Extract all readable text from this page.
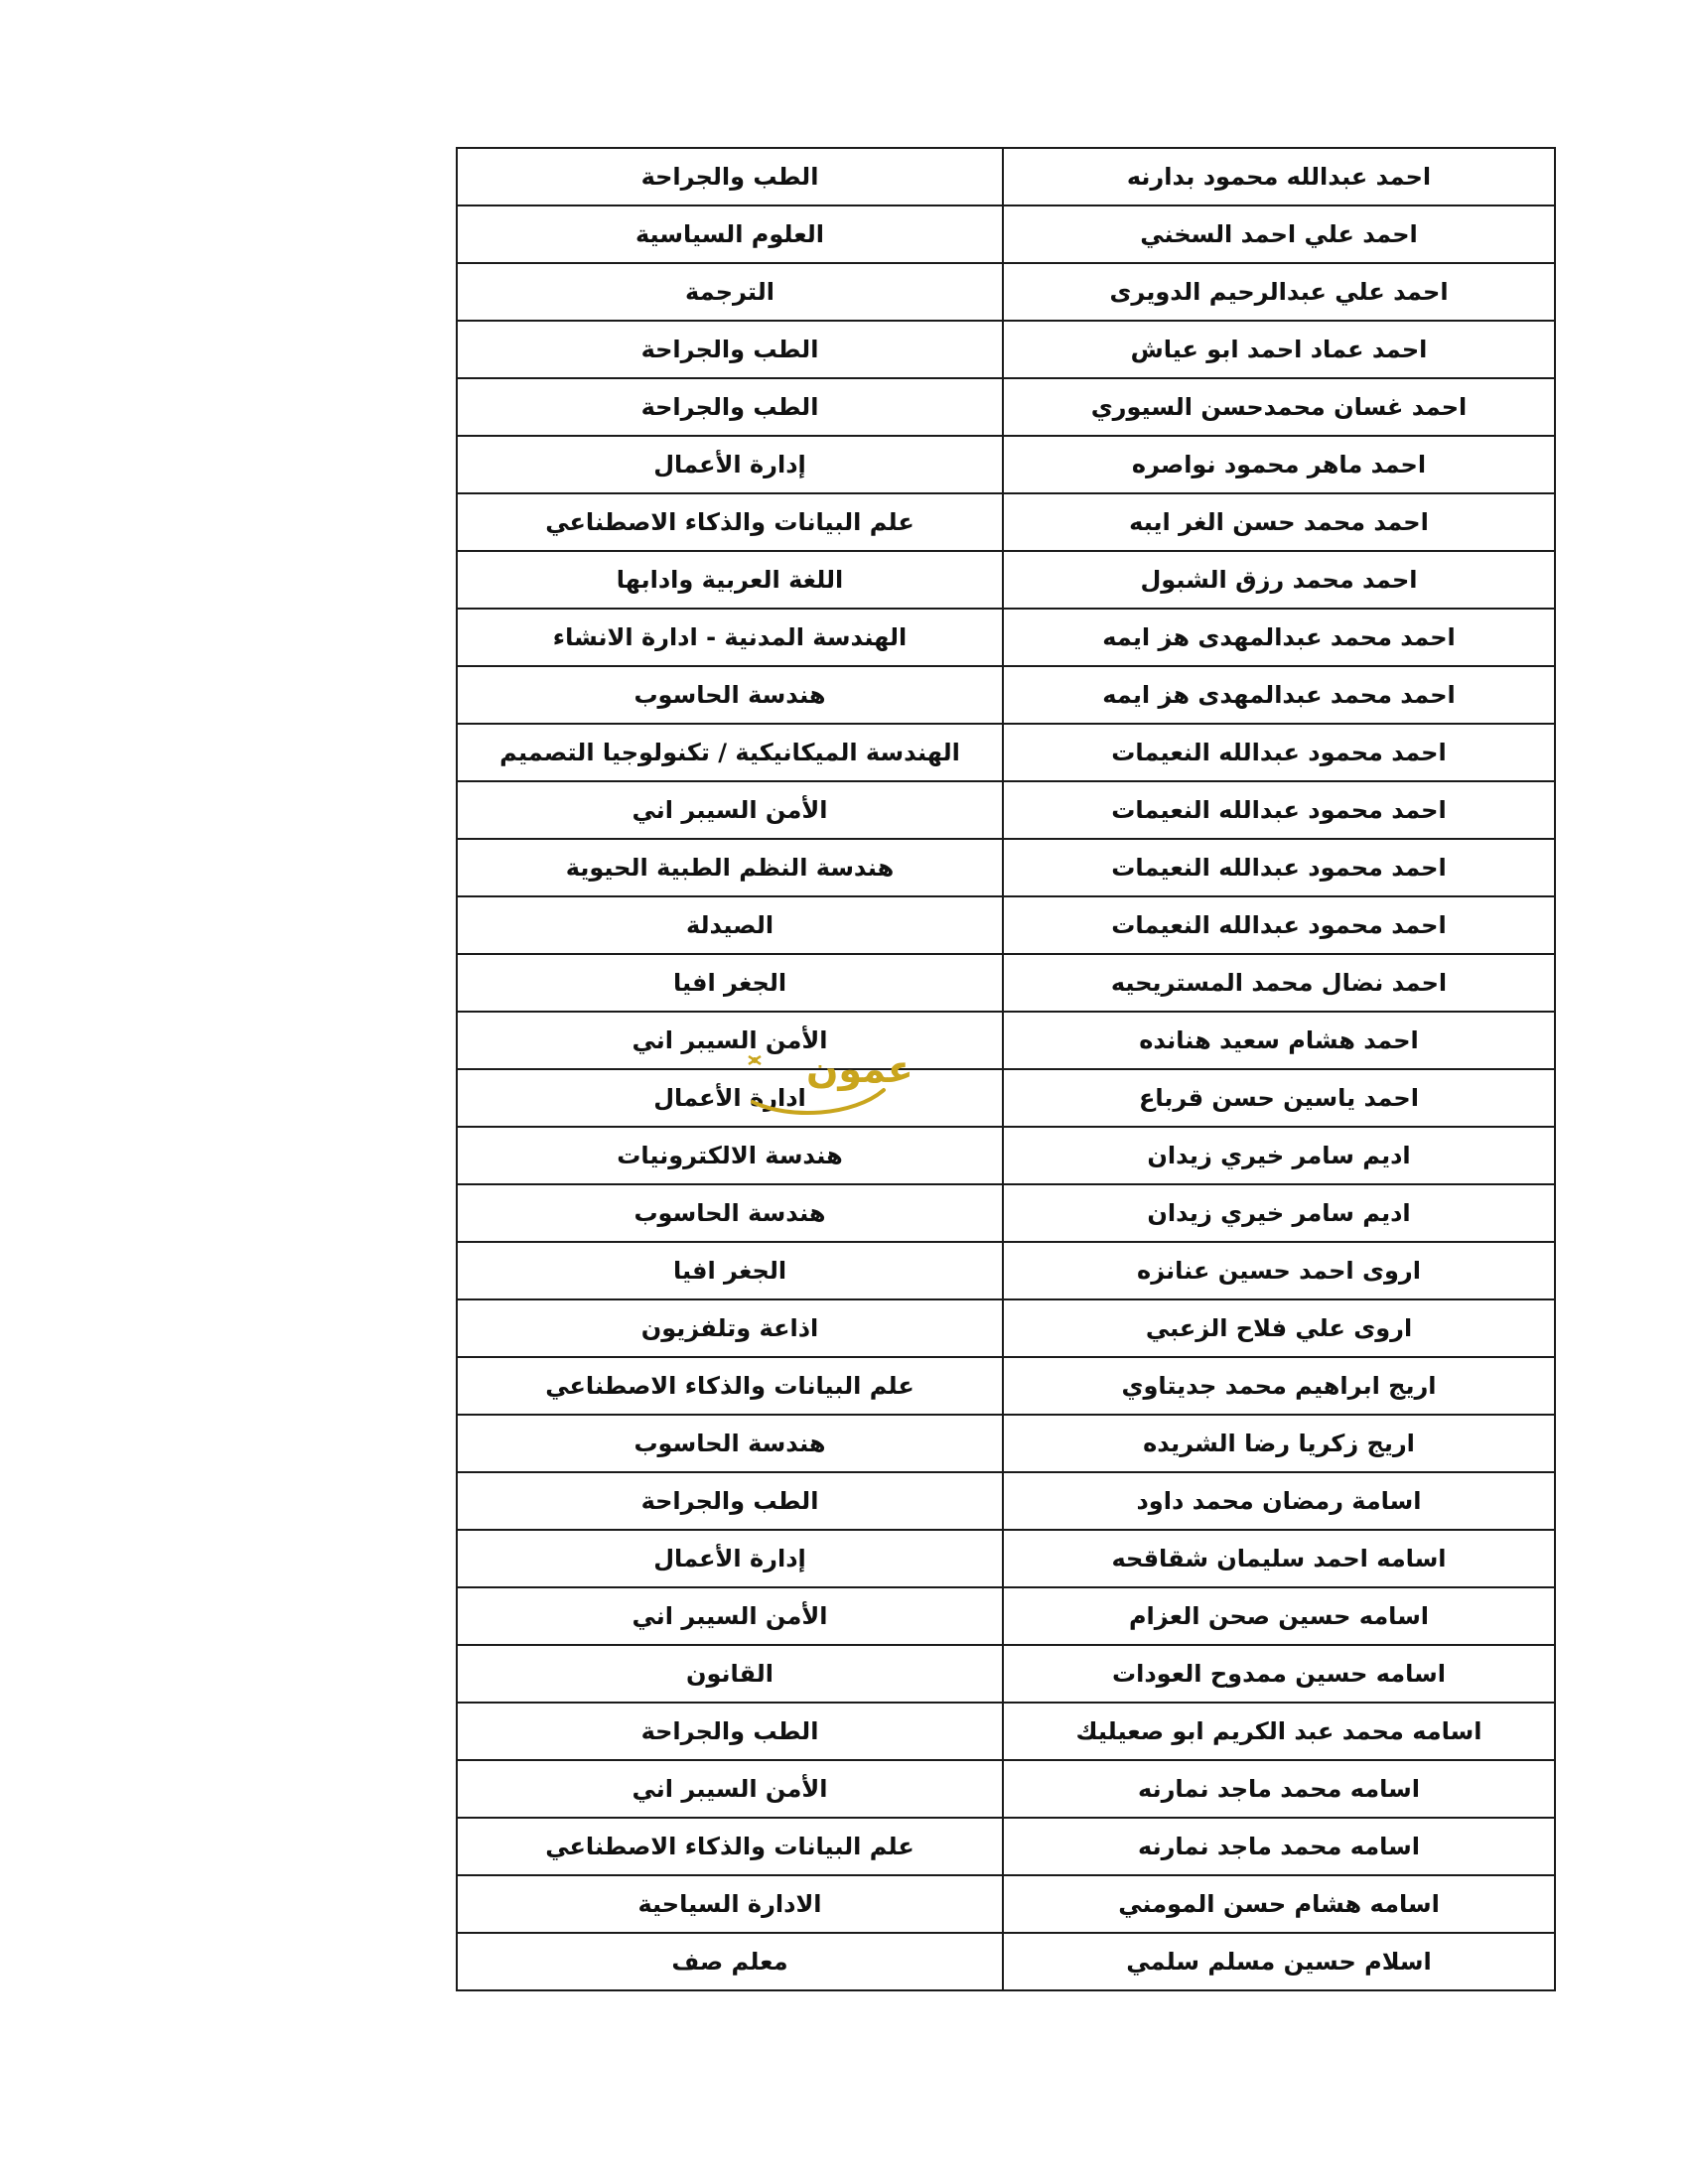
احمد عبدالله محمود بدارنه	الطب والجراحة
احمد علي احمد السخني	العلوم السياسية
احمد علي عبدالرحيم الدويرى	الترجمة
احمد عماد احمد ابو عياش	الطب والجراحة
احمد غسان محمدحسن السيوري	الطب والجراحة
احمد ماهر محمود نواصره	إدارة الأعمال
احمد محمد حسن الغر ايبه	علم البيانات والذكاء الاصطناعي
احمد محمد رزق الشبول	اللغة العربية وادابها
احمد محمد عبدالمهدى هز ايمه	الهندسة المدنية - ادارة الانشاء
احمد محمد عبدالمهدى هز ايمه	هندسة الحاسوب
احمد محمود عبدالله النعيمات	الهندسة الميكانيكية / تكنولوجيا التصميم
احمد محمود عبدالله النعيمات	الأمن السيبر اني
احمد محمود عبدالله النعيمات	هندسة النظم الطبية الحيوية
احمد محمود عبدالله النعيمات	الصيدلة
احمد نضال محمد المستريحيه	الجغر افيا
احمد هشام سعيد هنانده	الأمن السيبر اني
احمد ياسين حسن قرباع	ادارة الأعمال
اديم سامر خيري زيدان	هندسة الالكترونيات
اديم سامر خيري زيدان	هندسة الحاسوب
اروى احمد حسين عنانزه	الجغر افيا
اروى علي فلاح الزعبي	اذاعة وتلفزيون
اريج ابراهيم محمد جديتاوي	علم البيانات والذكاء الاصطناعي
اريج زكريا رضا الشريده	هندسة الحاسوب
اسامة رمضان محمد داود	الطب والجراحة
اسامه احمد سليمان شقاقحه	إدارة الأعمال
اسامه حسين صحن العزام	الأمن السيبر اني
اسامه حسين ممدوح العودات	القانون
اسامه محمد عبد الكريم ابو صعيليك	الطب والجراحة
اسامه محمد ماجد نمارنه	الأمن السيبر اني
اسامه محمد ماجد نمارنه	علم البيانات والذكاء الاصطناعي
اسامه هشام حسن المومني	الادارة السياحية
اسلام حسين مسلم سلمي	معلم صف
عمون
